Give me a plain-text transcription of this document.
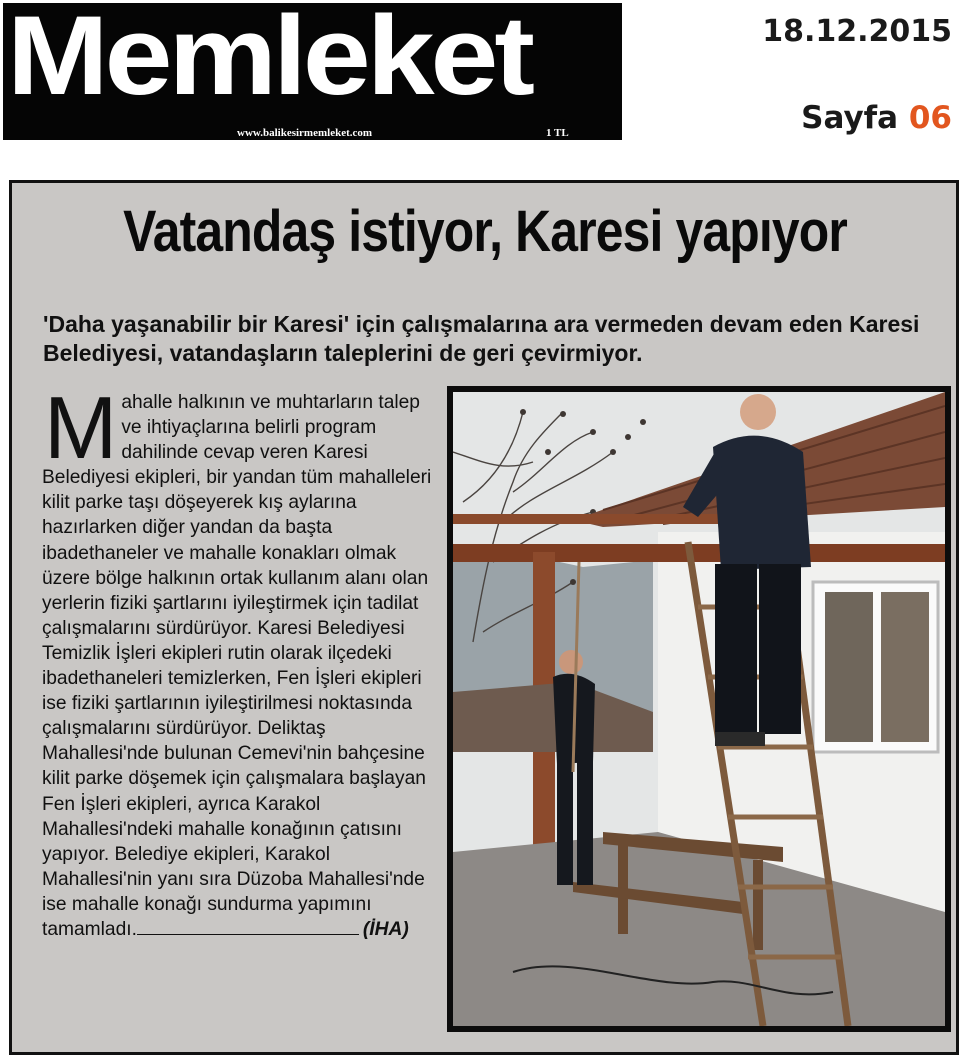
Memleket
www.balikesirmemleket.com	1 TL
18.12.2015
Sayfa 06
Vatandaş istiyor, Karesi yapıyor
'Daha yaşanabilir bir Karesi' için çalışmalarına ara vermeden devam eden Karesi Belediyesi, vatandaşların taleplerini de geri çevirmiyor.
Mahalle halkının ve muhtarların talep ve ihtiyaçlarına belirli program dahilinde cevap veren Karesi Belediyesi ekipleri, bir yandan tüm mahalleleri kilit parke taşı döşeyerek kış aylarına hazırlarken diğer yandan da başta ibadethaneler ve mahalle konakları olmak üzere bölge halkının ortak kullanım alanı olan yerlerin fiziki şartlarını iyileştirmek için tadilat çalışmalarını sürdürüyor. Karesi Belediyesi Temizlik İşleri ekipleri rutin olarak ilçedeki ibadethaneleri temizlerken, Fen İşleri ekipleri ise fiziki şartlarının iyileştirilmesi noktasında çalışmalarını sürdürüyor. Deliktaş Mahallesi'nde bulunan Cemevi'nin bahçesine kilit parke döşemek için çalışmalara başlayan Fen İşleri ekipleri, ayrıca Karakol Mahallesi'ndeki mahalle konağının çatısını yapıyor. Belediye ekipleri, Karakol Mahallesi'nin yanı sıra Düzoba Mahallesi'nde ise mahalle konağı sundurma yapımını tamamladı.	(İHA)
